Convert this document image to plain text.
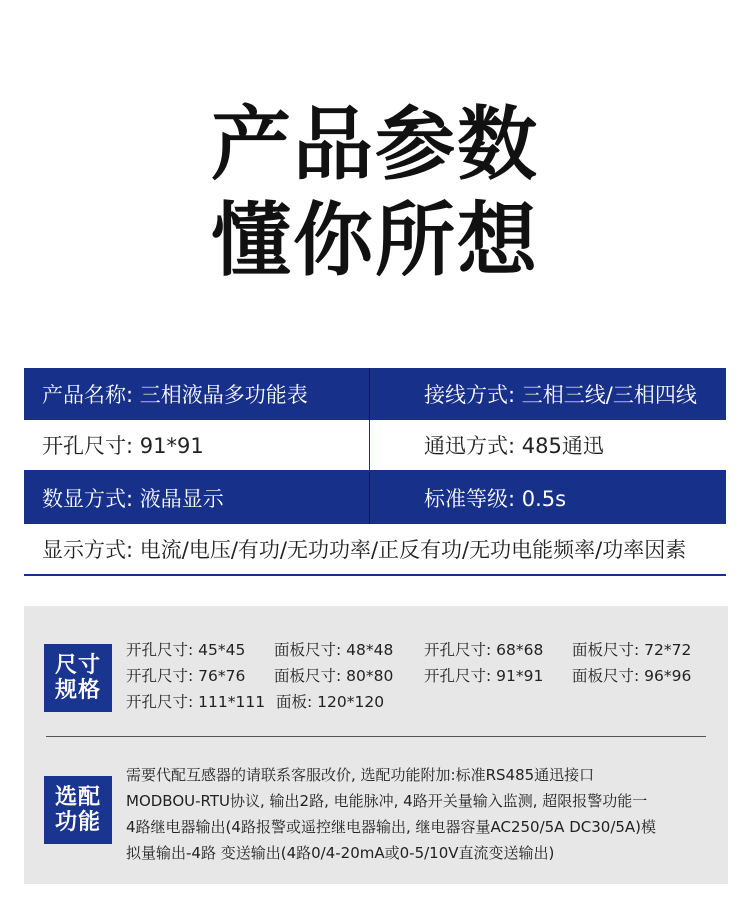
产品参数
懂你所想
产品名称: 三相液晶多功能表	接线方式: 三相三线/三相四线
开孔尺寸: 91*91	通迅方式: 485通迅
数显方式: 液晶显示	标准等级: 0.5s
显示方式: 电流/电压/有功/无功功率/正反有功/无功电能频率/功率因素
尺寸
规格
开孔尺寸: 45*45 面板尺寸: 48*48 开孔尺寸: 68*68 面板尺寸: 72*72
开孔尺寸: 76*76 面板尺寸: 80*80 开孔尺寸: 91*91 面板尺寸: 96*96
开孔尺寸: 111*111 面板: 120*120
选配
功能
需要代配互感器的请联系客服改价, 选配功能附加:标准RS485通迅接口
MODBOU-RTU协议, 输出2路, 电能脉冲, 4路开关量输入监测, 超限报警功能一
4路继电器输出(4路报警或遥控继电器输出, 继电器容量AC250/5A DC30/5A)模
拟量输出-4路 变送输出(4路0/4-20mA或0-5/10V直流变送输出)
